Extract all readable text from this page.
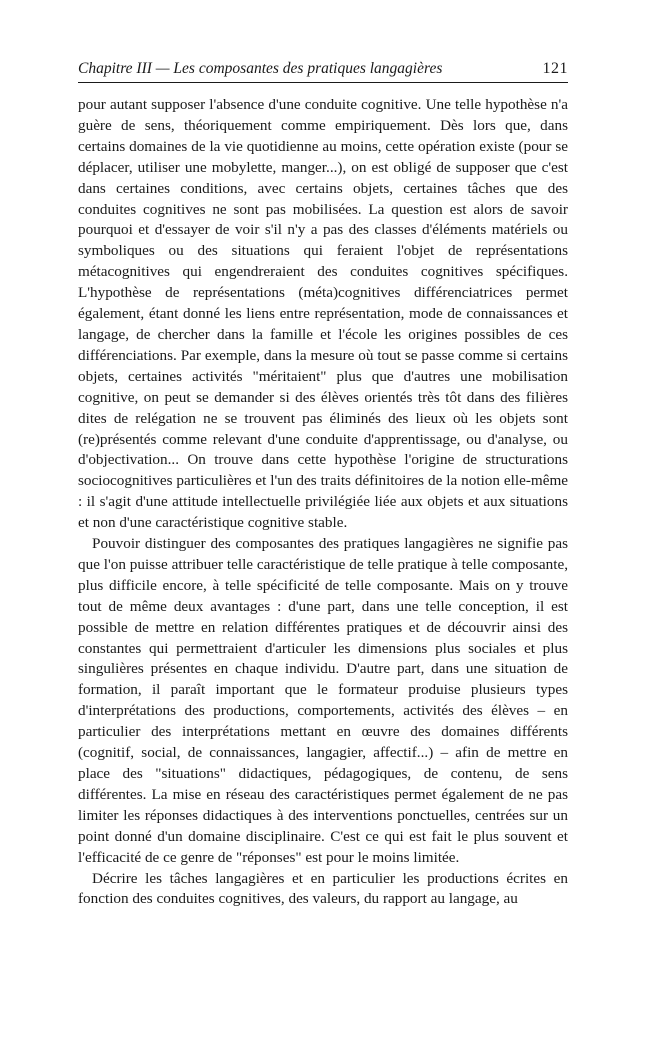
Chapitre III — Les composantes des pratiques langagières	121

pour autant supposer l'absence d'une conduite cognitive. Une telle hypothèse n'a guère de sens, théoriquement comme empiriquement. Dès lors que, dans certains domaines de la vie quotidienne au moins, cette opération existe (pour se déplacer, utiliser une mobylette, manger...), on est obligé de supposer que c'est dans certaines conditions, avec certains objets, certaines tâches que des conduites cognitives ne sont pas mobilisées. La question est alors de savoir pourquoi et d'essayer de voir s'il n'y a pas des classes d'éléments matériels ou symboliques ou des situations qui feraient l'objet de représentations métacognitives qui engendreraient des conduites cognitives spécifiques. L'hypothèse de représentations (méta)cognitives différenciatrices permet également, étant donné les liens entre représentation, mode de connaissances et langage, de chercher dans la famille et l'école les origines possibles de ces différenciations. Par exemple, dans la mesure où tout se passe comme si certains objets, certaines activités "méritaient" plus que d'autres une mobilisation cognitive, on peut se demander si des élèves orientés très tôt dans des filières dites de relégation ne se trouvent pas éliminés des lieux où les objets sont (re)présentés comme relevant d'une conduite d'apprentissage, ou d'analyse, ou d'objectivation... On trouve dans cette hypothèse l'origine de structurations sociocognitives particulières et l'un des traits définitoires de la notion elle-même : il s'agit d'une attitude intellectuelle privilégiée liée aux objets et aux situations et non d'une caractéristique cognitive stable.

Pouvoir distinguer des composantes des pratiques langagières ne signifie pas que l'on puisse attribuer telle caractéristique de telle pratique à telle composante, plus difficile encore, à telle spécificité de telle composante. Mais on y trouve tout de même deux avantages : d'une part, dans une telle conception, il est possible de mettre en relation différentes pratiques et de découvrir ainsi des constantes qui permettraient d'articuler les dimensions plus sociales et plus singulières présentes en chaque individu. D'autre part, dans une situation de formation, il paraît important que le formateur produise plusieurs types d'interprétations des productions, comportements, activités des élèves – en particulier des interprétations mettant en œuvre des domaines différents (cognitif, social, de connaissances, langagier, affectif...) – afin de mettre en place des "situations" didactiques, pédagogiques, de contenu, de sens différentes. La mise en réseau des caractéristiques permet également de ne pas limiter les réponses didactiques à des interventions ponctuelles, centrées sur un point donné d'un domaine disciplinaire. C'est ce qui est fait le plus souvent et l'efficacité de ce genre de "réponses" est pour le moins limitée.

Décrire les tâches langagières et en particulier les productions écrites en fonction des conduites cognitives, des valeurs, du rapport au langage, au
